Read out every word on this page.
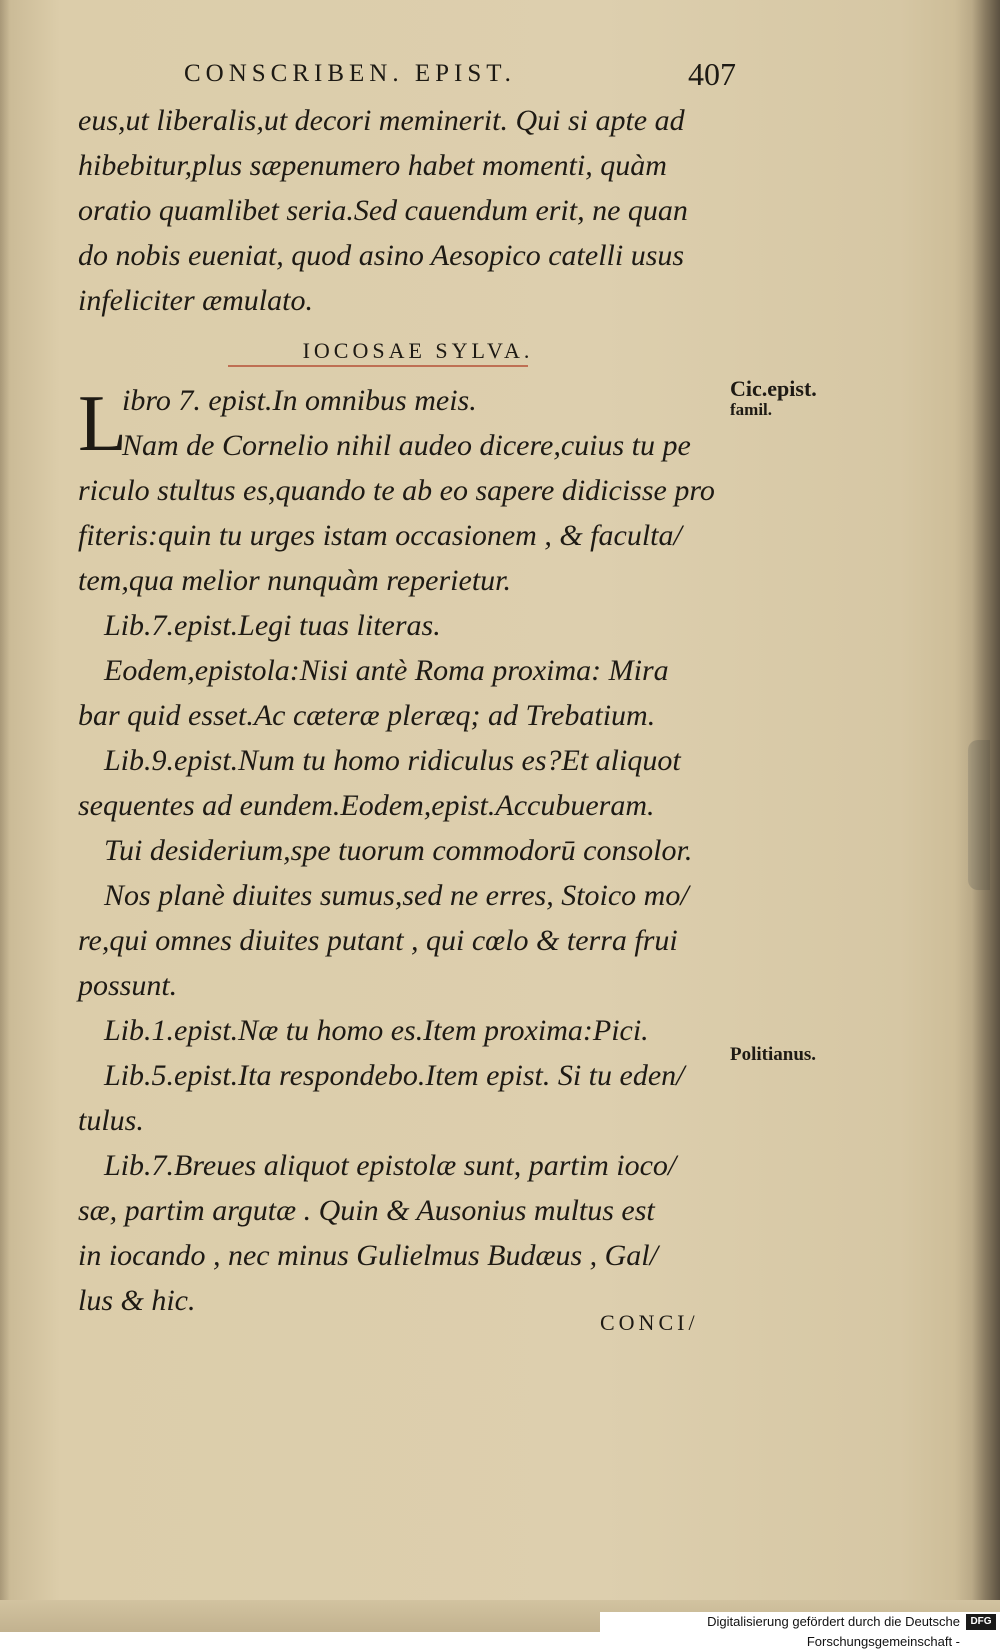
CONSCRIBEN. EPIST.	407
eus,ut liberalis,ut decori meminerit. Qui si apte ad
hibebitur,plus sæpenumero habet momenti, quàm
oratio quamlibet seria.Sed cauendum erit, ne quan
do nobis eueniat, quod asino Aesopico catelli usus
infeliciter æmulato.
IOCOSAE SYLVA.
L
ibro 7. epist.In omnibus meis.
Nam de Cornelio nihil audeo dicere,cuius tu pe
riculo stultus es,quando te ab eo sapere didicisse pro
fiteris:quin tu urges istam occasionem , & faculta/
tem,qua melior nunquàm reperietur.
Lib.7.epist.Legi tuas literas.
Eodem,epistola:Nisi antè Roma proxima: Mira
bar quid esset.Ac cæteræ pleræq; ad Trebatium.
Lib.9.epist.Num tu homo ridiculus es?Et aliquot
sequentes ad eundem.Eodem,epist.Accubueram.
Tui desiderium,spe tuorum commodorū consolor.
Nos planè diuites sumus,sed ne erres, Stoico mo/
re,qui omnes diuites putant , qui cœlo & terra frui
possunt.
Lib.1.epist.Næ tu homo es.Item proxima:Pici.
Lib.5.epist.Ita respondebo.Item epist. Si tu eden/
tulus.
Lib.7.Breues aliquot epistolæ sunt, partim ioco/
sæ, partim argutæ . Quin & Ausonius multus est
in iocando , nec minus Gulielmus Budæus , Gal/
lus & hic.
Cic.epist.
famil.
Politianus.
CONCI/
Digitalisierung gefördert durch die Deutsche Forschungsgemeinschaft -
DFG
